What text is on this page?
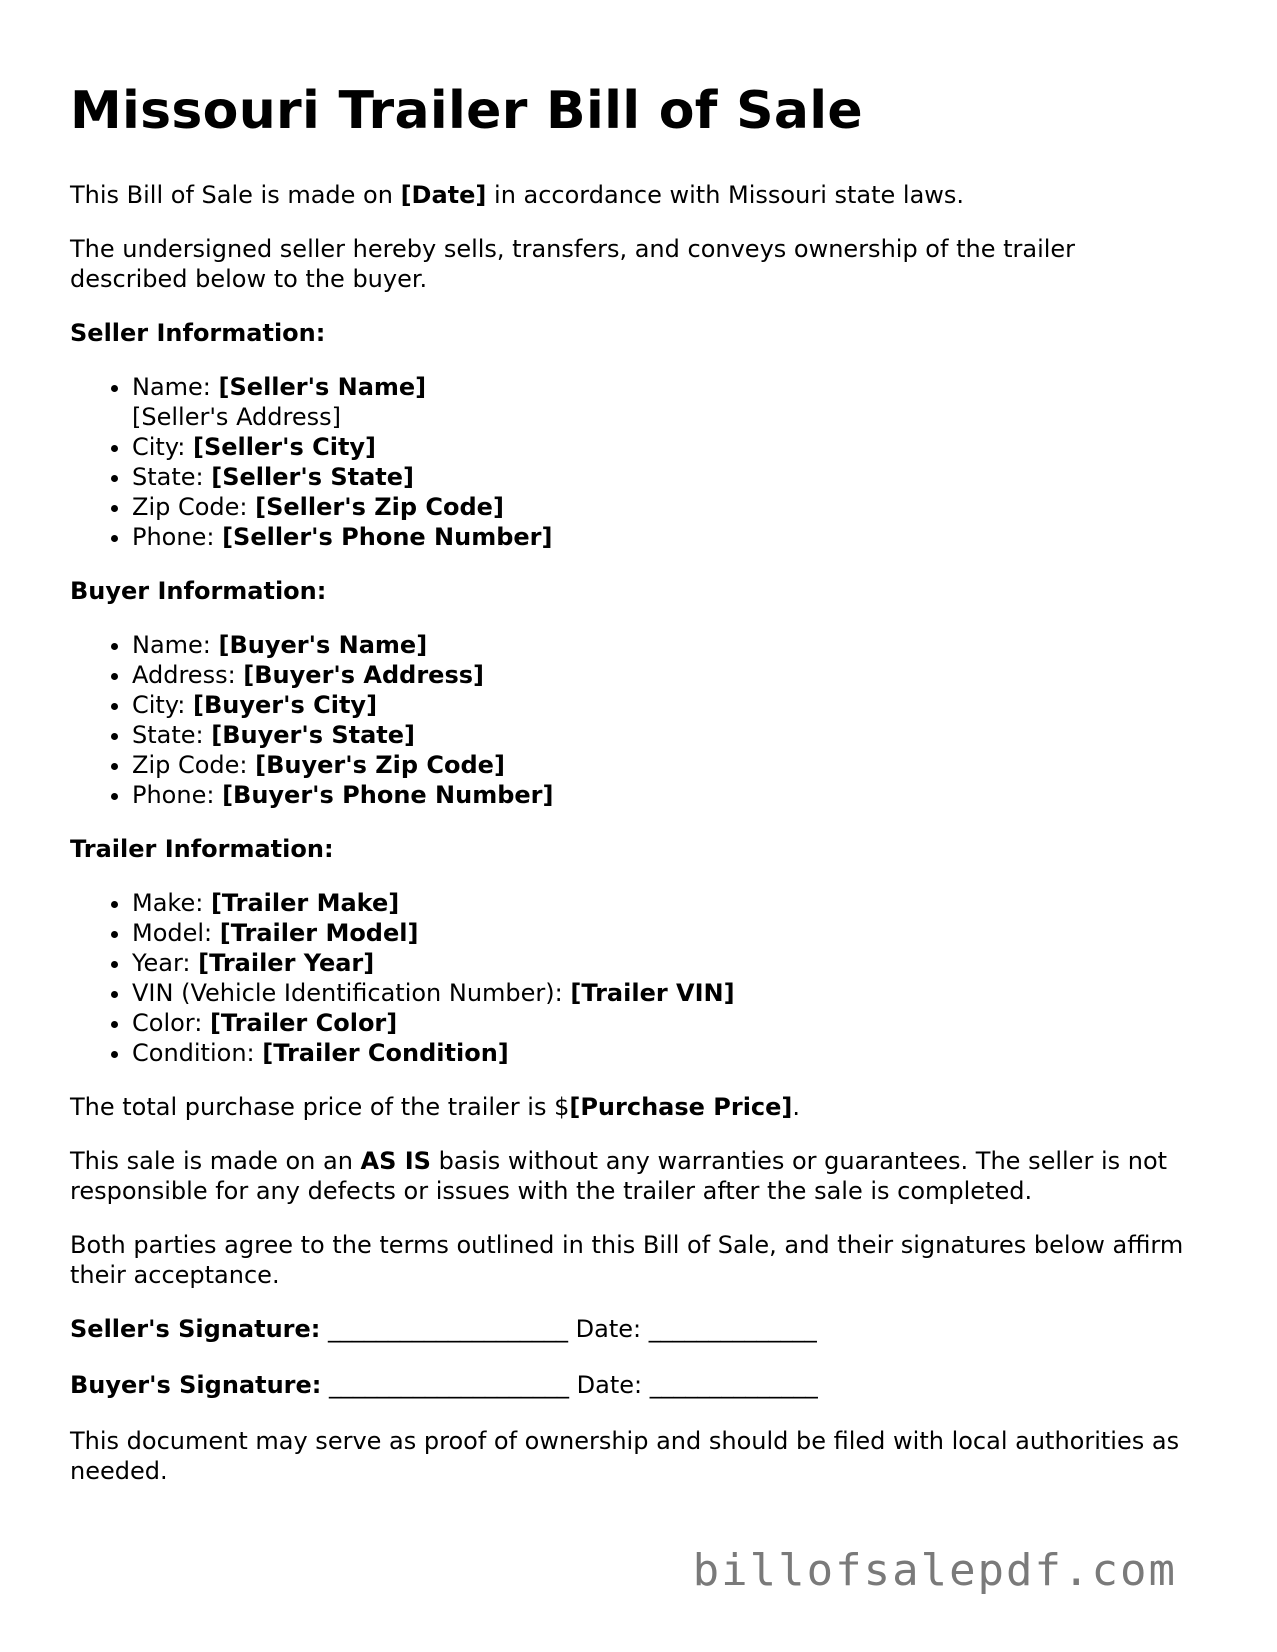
Missouri Trailer Bill of Sale

This Bill of Sale is made on [Date] in accordance with Missouri state laws.

The undersigned seller hereby sells, transfers, and conveys ownership of the trailer described below to the buyer.

Seller Information:

• Name: [Seller's Name]
[Seller's Address]
• City: [Seller's City]
• State: [Seller's State]
• Zip Code: [Seller's Zip Code]
• Phone: [Seller's Phone Number]

Buyer Information:

• Name: [Buyer's Name]
• Address: [Buyer's Address]
• City: [Buyer's City]
• State: [Buyer's State]
• Zip Code: [Buyer's Zip Code]
• Phone: [Buyer's Phone Number]

Trailer Information:

• Make: [Trailer Make]
• Model: [Trailer Model]
• Year: [Trailer Year]
• VIN (Vehicle Identification Number): [Trailer VIN]
• Color: [Trailer Color]
• Condition: [Trailer Condition]

The total purchase price of the trailer is $[Purchase Price].

This sale is made on an AS IS basis without any warranties or guarantees. The seller is not responsible for any defects or issues with the trailer after the sale is completed.

Both parties agree to the terms outlined in this Bill of Sale, and their signatures below affirm their acceptance.

Seller's Signature: ____________________ Date: ______________

Buyer's Signature: ____________________ Date: ______________

This document may serve as proof of ownership and should be filed with local authorities as needed.

billofsalepdf.com
